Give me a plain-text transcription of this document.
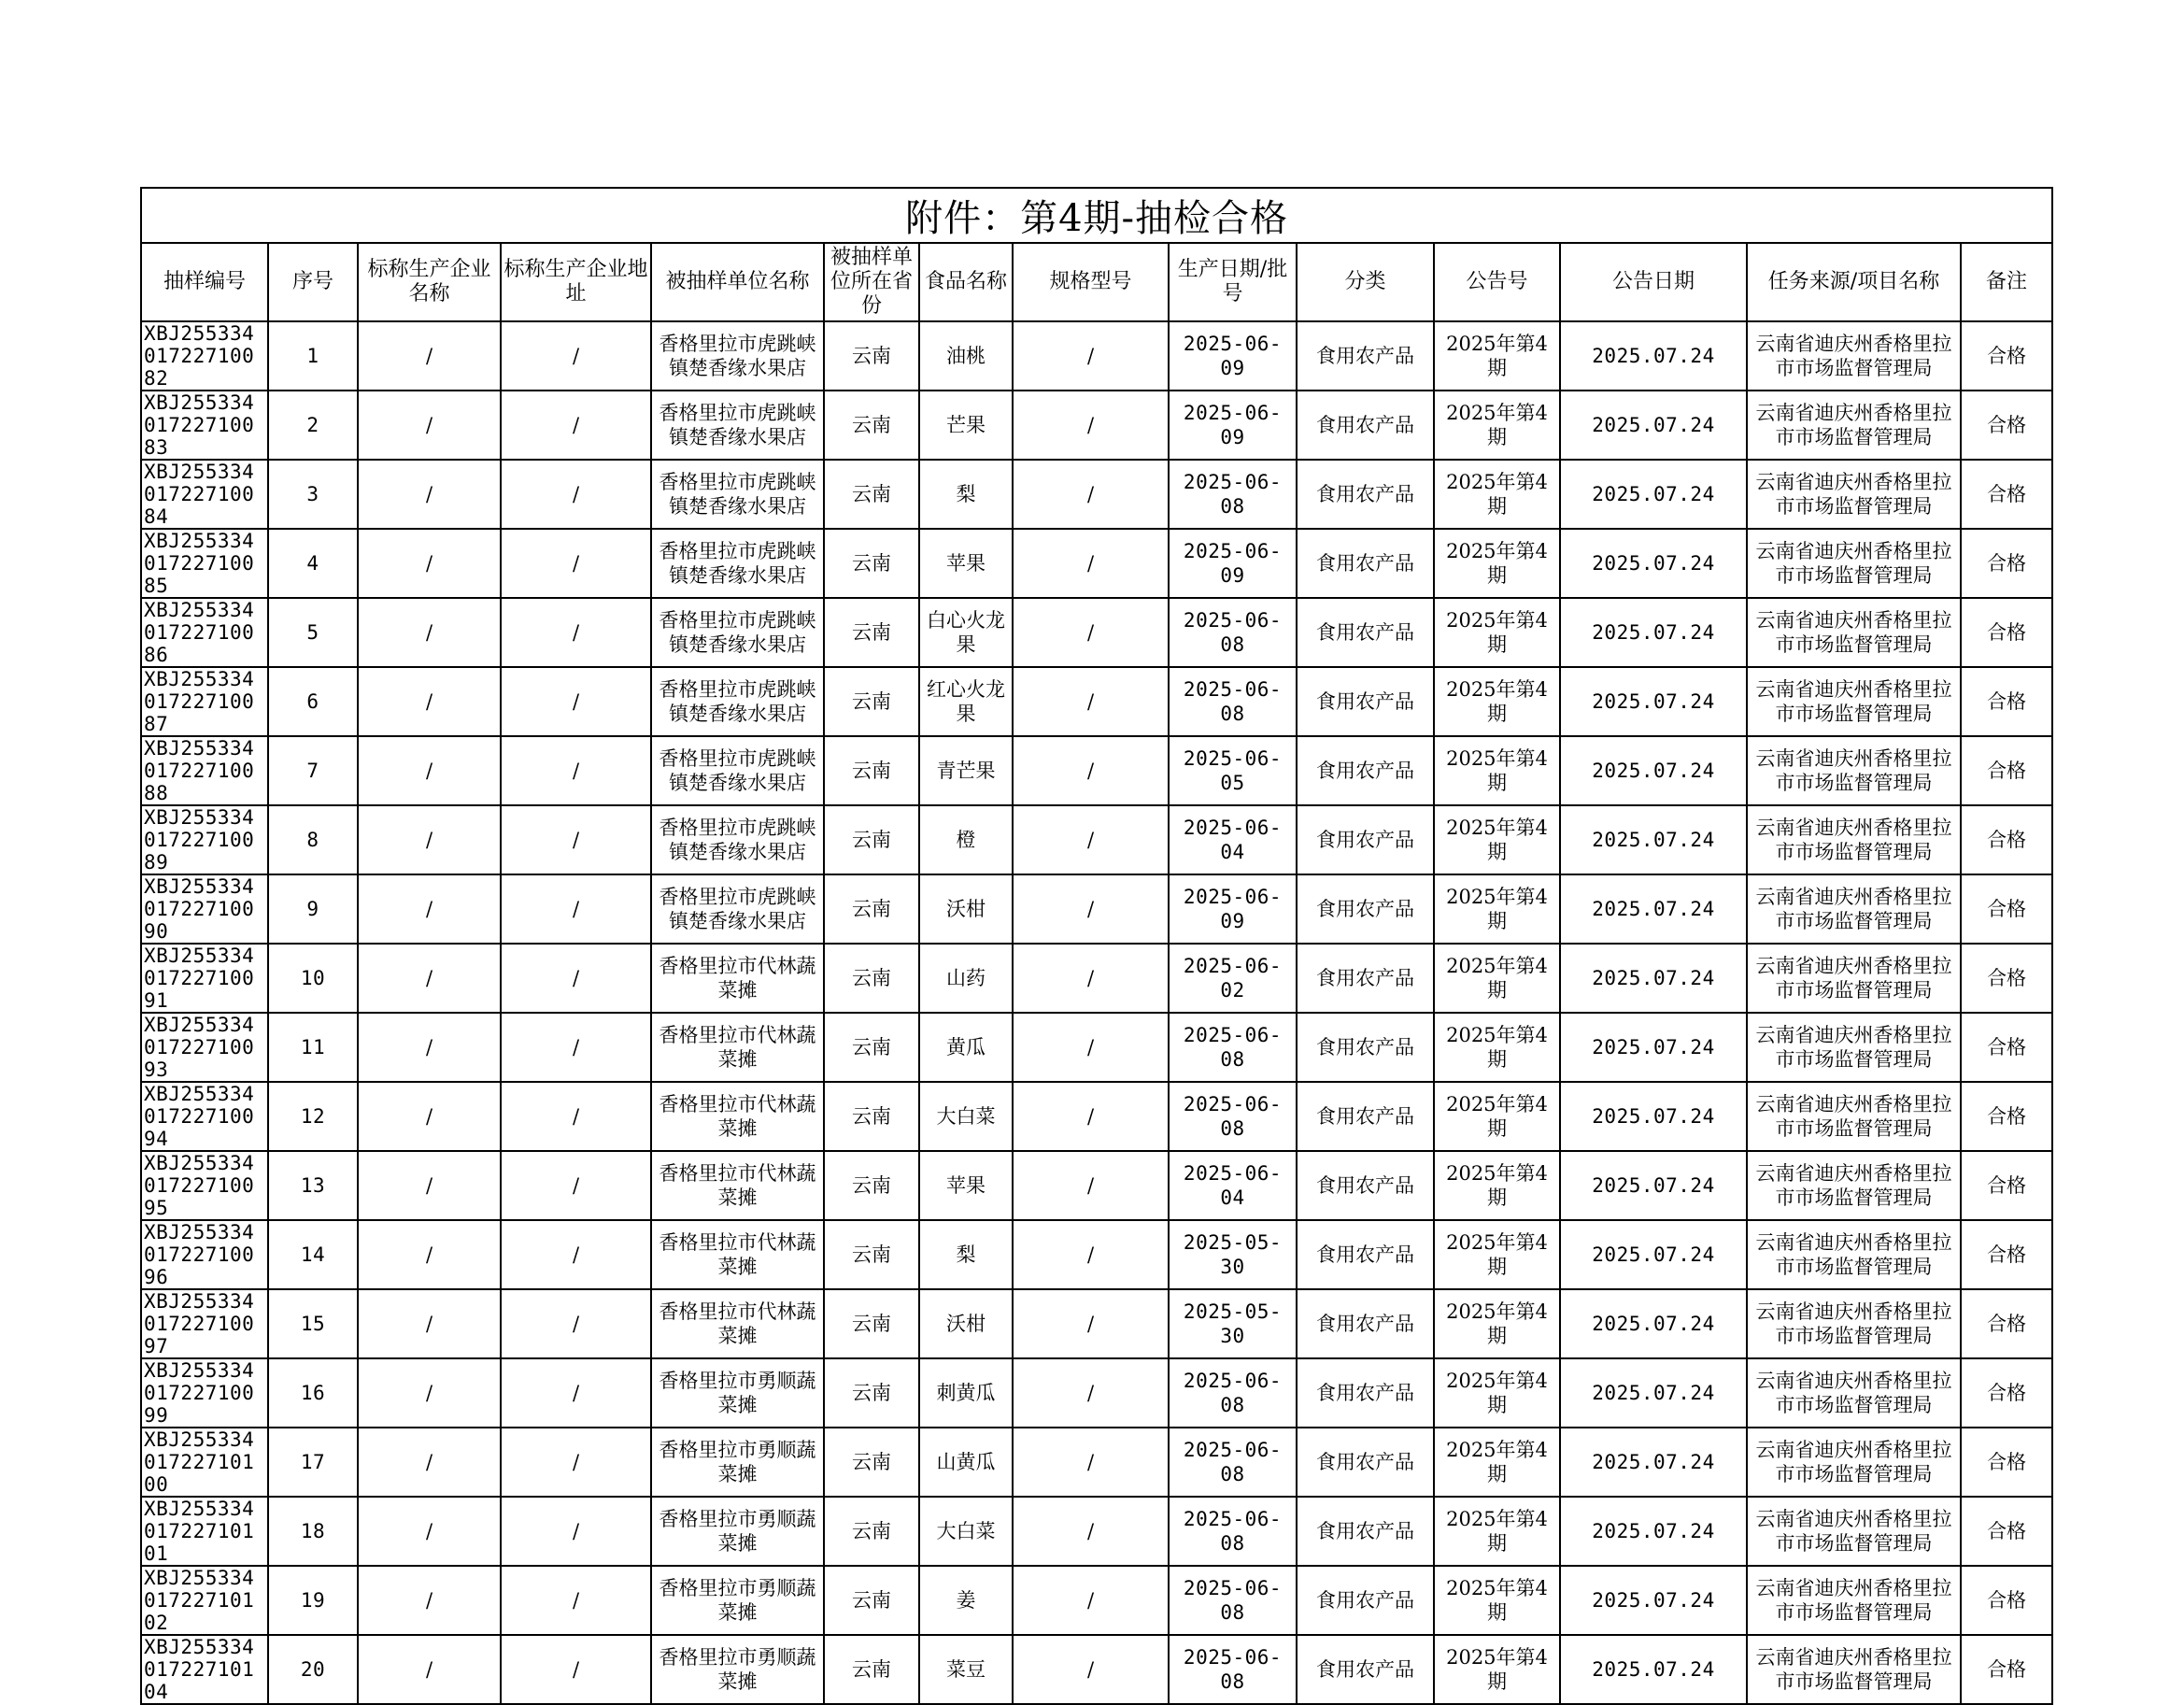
附件：第4期-抽检合格													
抽样编号	序号	标称生产企业名称	标称生产企业地址	被抽样单位名称	被抽样单位所在省份	食品名称	规格型号	生产日期/批号	分类	公告号	公告日期	任务来源/项目名称	备注
XBJ25533401722710082	1	/	/	香格里拉市虎跳峡镇楚香缘水果店	云南	油桃	/	2025-06-09	食用农产品	2025年第4期	2025.07.24	云南省迪庆州香格里拉市市场监督管理局	合格
XBJ25533401722710083	2	/	/	香格里拉市虎跳峡镇楚香缘水果店	云南	芒果	/	2025-06-09	食用农产品	2025年第4期	2025.07.24	云南省迪庆州香格里拉市市场监督管理局	合格
XBJ25533401722710084	3	/	/	香格里拉市虎跳峡镇楚香缘水果店	云南	梨	/	2025-06-08	食用农产品	2025年第4期	2025.07.24	云南省迪庆州香格里拉市市场监督管理局	合格
XBJ25533401722710085	4	/	/	香格里拉市虎跳峡镇楚香缘水果店	云南	苹果	/	2025-06-09	食用农产品	2025年第4期	2025.07.24	云南省迪庆州香格里拉市市场监督管理局	合格
XBJ25533401722710086	5	/	/	香格里拉市虎跳峡镇楚香缘水果店	云南	白心火龙果	/	2025-06-08	食用农产品	2025年第4期	2025.07.24	云南省迪庆州香格里拉市市场监督管理局	合格
XBJ25533401722710087	6	/	/	香格里拉市虎跳峡镇楚香缘水果店	云南	红心火龙果	/	2025-06-08	食用农产品	2025年第4期	2025.07.24	云南省迪庆州香格里拉市市场监督管理局	合格
XBJ25533401722710088	7	/	/	香格里拉市虎跳峡镇楚香缘水果店	云南	青芒果	/	2025-06-05	食用农产品	2025年第4期	2025.07.24	云南省迪庆州香格里拉市市场监督管理局	合格
XBJ25533401722710089	8	/	/	香格里拉市虎跳峡镇楚香缘水果店	云南	橙	/	2025-06-04	食用农产品	2025年第4期	2025.07.24	云南省迪庆州香格里拉市市场监督管理局	合格
XBJ25533401722710090	9	/	/	香格里拉市虎跳峡镇楚香缘水果店	云南	沃柑	/	2025-06-09	食用农产品	2025年第4期	2025.07.24	云南省迪庆州香格里拉市市场监督管理局	合格
XBJ25533401722710091	10	/	/	香格里拉市代林蔬菜摊	云南	山药	/	2025-06-02	食用农产品	2025年第4期	2025.07.24	云南省迪庆州香格里拉市市场监督管理局	合格
XBJ25533401722710093	11	/	/	香格里拉市代林蔬菜摊	云南	黄瓜	/	2025-06-08	食用农产品	2025年第4期	2025.07.24	云南省迪庆州香格里拉市市场监督管理局	合格
XBJ25533401722710094	12	/	/	香格里拉市代林蔬菜摊	云南	大白菜	/	2025-06-08	食用农产品	2025年第4期	2025.07.24	云南省迪庆州香格里拉市市场监督管理局	合格
XBJ25533401722710095	13	/	/	香格里拉市代林蔬菜摊	云南	苹果	/	2025-06-04	食用农产品	2025年第4期	2025.07.24	云南省迪庆州香格里拉市市场监督管理局	合格
XBJ25533401722710096	14	/	/	香格里拉市代林蔬菜摊	云南	梨	/	2025-05-30	食用农产品	2025年第4期	2025.07.24	云南省迪庆州香格里拉市市场监督管理局	合格
XBJ25533401722710097	15	/	/	香格里拉市代林蔬菜摊	云南	沃柑	/	2025-05-30	食用农产品	2025年第4期	2025.07.24	云南省迪庆州香格里拉市市场监督管理局	合格
XBJ25533401722710099	16	/	/	香格里拉市勇顺蔬菜摊	云南	刺黄瓜	/	2025-06-08	食用农产品	2025年第4期	2025.07.24	云南省迪庆州香格里拉市市场监督管理局	合格
XBJ25533401722710100	17	/	/	香格里拉市勇顺蔬菜摊	云南	山黄瓜	/	2025-06-08	食用农产品	2025年第4期	2025.07.24	云南省迪庆州香格里拉市市场监督管理局	合格
XBJ25533401722710101	18	/	/	香格里拉市勇顺蔬菜摊	云南	大白菜	/	2025-06-08	食用农产品	2025年第4期	2025.07.24	云南省迪庆州香格里拉市市场监督管理局	合格
XBJ25533401722710102	19	/	/	香格里拉市勇顺蔬菜摊	云南	姜	/	2025-06-08	食用农产品	2025年第4期	2025.07.24	云南省迪庆州香格里拉市市场监督管理局	合格
XBJ25533401722710104	20	/	/	香格里拉市勇顺蔬菜摊	云南	菜豆	/	2025-06-08	食用农产品	2025年第4期	2025.07.24	云南省迪庆州香格里拉市市场监督管理局	合格
